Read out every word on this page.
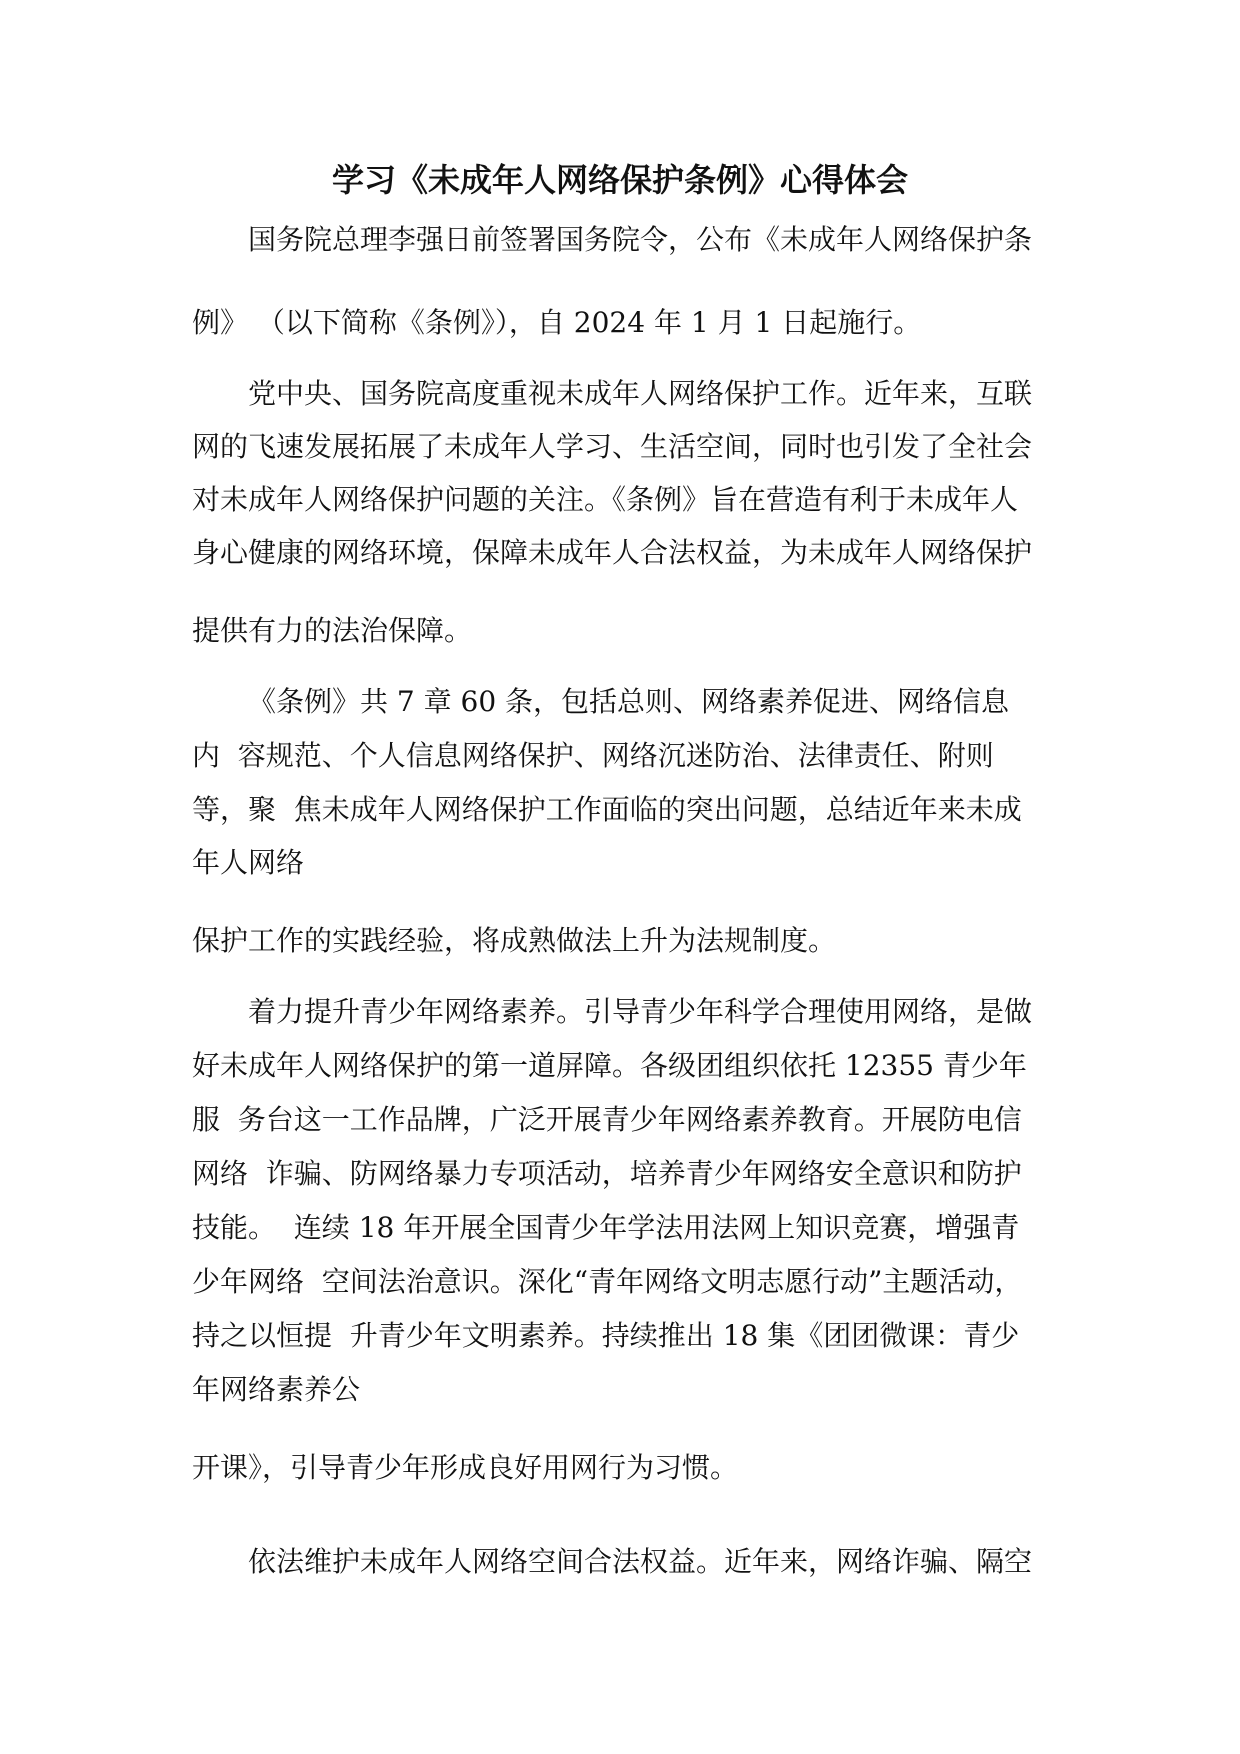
学习《未成年人网络保护条例》心得体会
国务院总理李强日前签署国务院令，公布《未成年人网络保护条
例》 （以下简称《条例》），自 2024 年 1 月 1 日起施行。
党中央、国务院高度重视未成年人网络保护工作。近年来，互联
网的飞速发展拓展了未成年人学习、生活空间，同时也引发了全社会
对未成年人网络保护问题的关注。《条例》旨在营造有利于未成年人
身心健康的网络环境，保障未成年人合法权益，为未成年人网络保护
提供有力的法治保障。
《条例》共 7 章 60 条，包括总则、网络素养促进、网络信息
内  容规范、个人信息网络保护、网络沉迷防治、法律责任、附则
等，聚  焦未成年人网络保护工作面临的突出问题，总结近年来未成
年人网络
保护工作的实践经验，将成熟做法上升为法规制度。
着力提升青少年网络素养。引导青少年科学合理使用网络，是做
好未成年人网络保护的第一道屏障。各级团组织依托 12355 青少年
服  务台这一工作品牌，广泛开展青少年网络素养教育。开展防电信
网络  诈骗、防网络暴力专项活动，培养青少年网络安全意识和防护
技能。  连续 18 年开展全国青少年学法用法网上知识竞赛，增强青
少年网络  空间法治意识。深化“青年网络文明志愿行动”主题活动，
持之以恒提  升青少年文明素养。持续推出 18 集《团团微课：青少
年网络素养公
开课》，引导青少年形成良好用网行为习惯。
依法维护未成年人网络空间合法权益。近年来，网络诈骗、隔空
